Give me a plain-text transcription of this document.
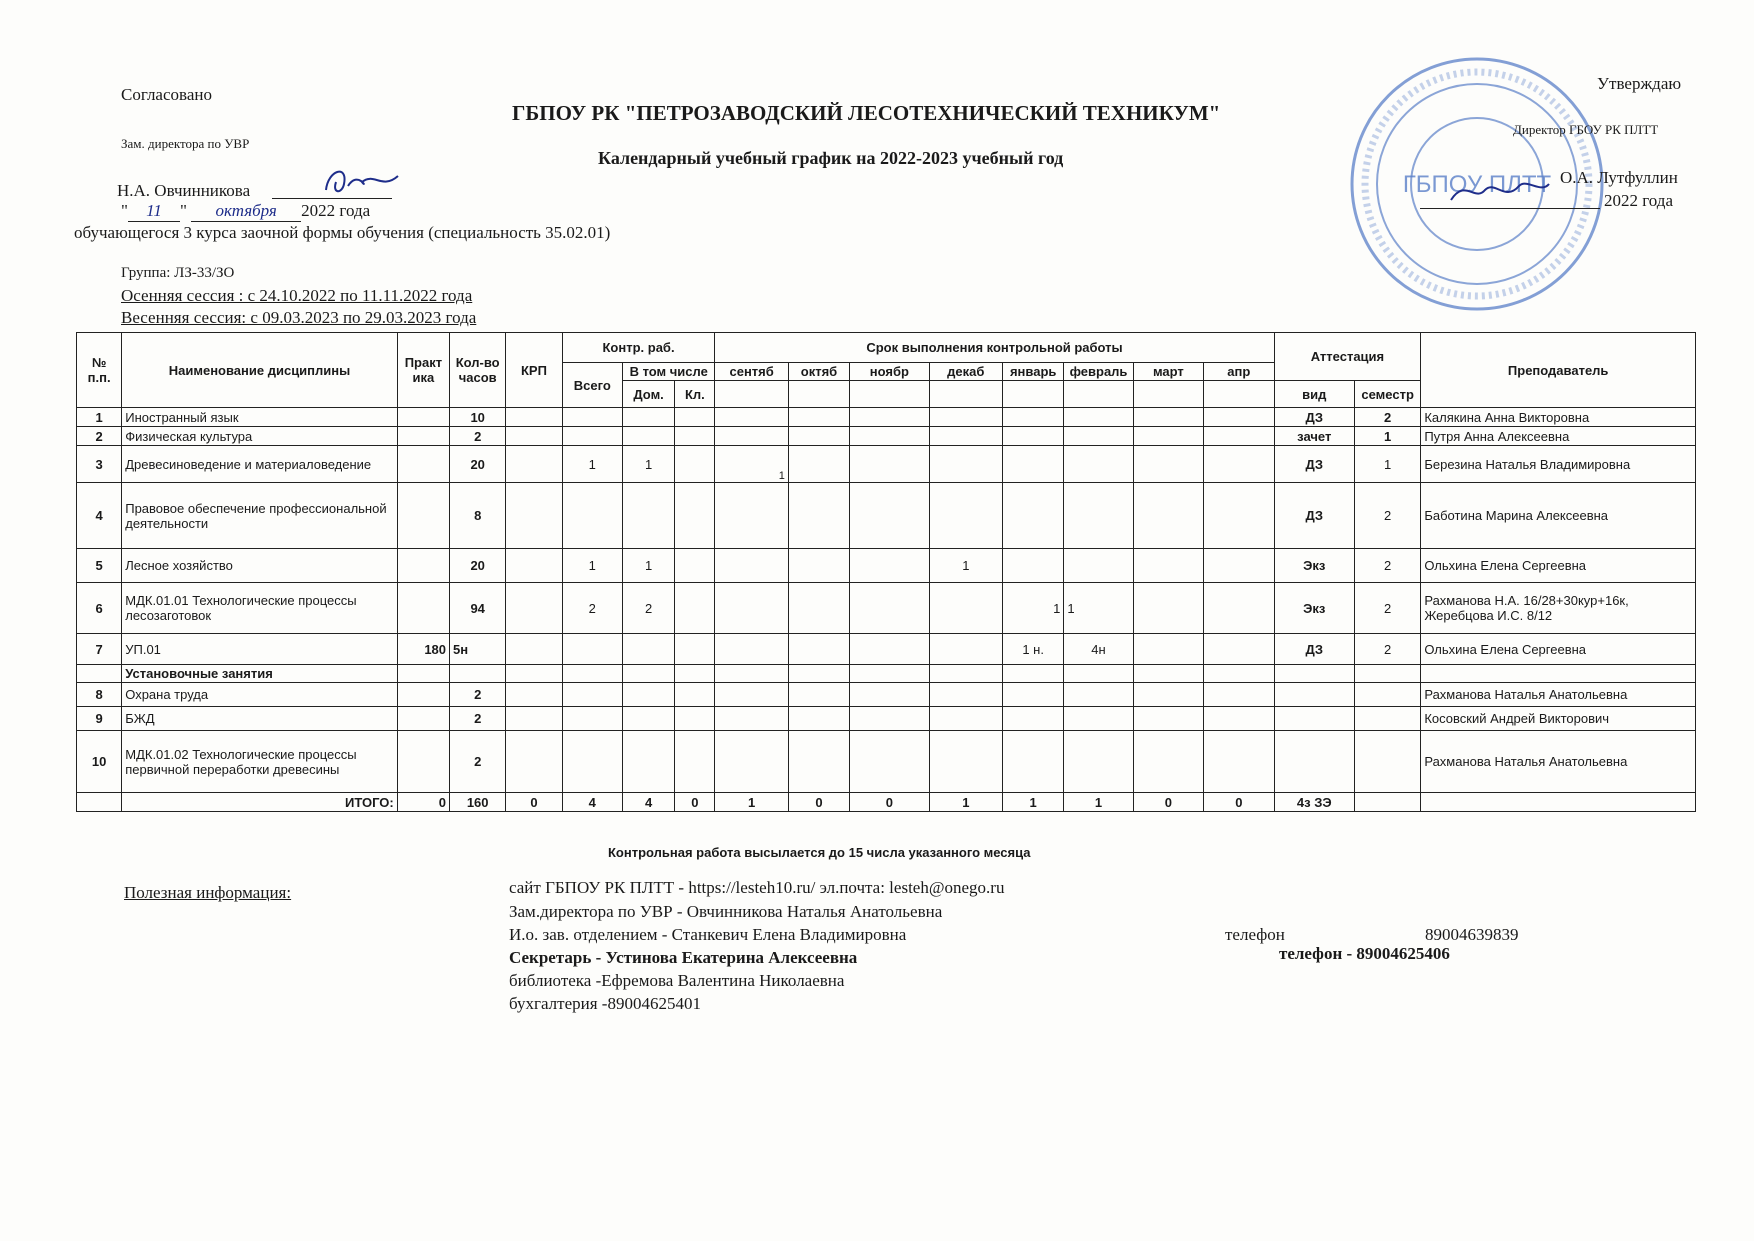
Согласовано
Зам. директора по УВР
Н.А. Овчинникова
" 11 " октября 2022 года
обучающегося 3 курса заочной формы обучения (специальность 35.02.01)
Группа: ЛЗ-33/ЗО
Осенняя сессия : с 24.10.2022 по 11.11.2022 года
Весенняя сессия: с 09.03.2023 по 29.03.2023 года
ГБПОУ РК "ПЕТРОЗАВОДСКИЙ ЛЕСОТЕХНИЧЕСКИЙ ТЕХНИКУМ"
Календарный учебный график на 2022-2023 учебный год
ГБПОУ ПЛТТ
Утверждаю
Директор ГБОУ РК ПЛТТ
О.А. Лутфуллин
2022 года
№ п.п.	Наименование дисциплины	Практ ика	Кол-во часов	КРП	Контр. раб.			Срок выполнения контрольной работы								Аттестация		Преподаватель
					Всего	В том числе		сентяб	октяб	ноябр	декаб	январь	февраль	март	апр			
						Дом.	Кл.									вид	семестр	
1	Иностранный язык		10													ДЗ	2	Калякина Анна Викторовна
2	Физическая культура		2													зачет	1	Путря Анна Алексеевна
3	Древесиноведение и материаловедение		20		1	1		1								ДЗ	1	Березина Наталья Владимировна
4	Правовое обеспечение профессиональной деятельности		8													ДЗ	2	Баботина Марина Алексеевна
5	Лесное хозяйство		20		1	1					1					Экз	2	Ольхина Елена Сергеевна
6	МДК.01.01 Технологические процессы лесозаготовок		94		2	2						1	1			Экз	2	Рахманова Н.А. 16/28+30кур+16к, Жеребцова И.С. 8/12
7	УП.01	180	5н									1 н.	4н			ДЗ	2	Ольхина Елена Сергеевна
	Установочные занятия																	
8	Охрана труда		2															Рахманова Наталья Анатольевна
9	БЖД		2															Косовский Андрей Викторович
10	МДК.01.02 Технологические процессы первичной переработки древесины		2															Рахманова Наталья Анатольевна
	ИТОГО:	0	160	0	4	4	0	1	0	0	1	1	1	0	0	4з ЗЭ		
Контрольная работа высылается до 15 числа указанного месяца
Полезная информация:	сайт ГБПОУ РК ПЛТТ - https://lesteh10.ru/ эл.почта: lesteh@onego.ru
Зам.директора по УВР - Овчинникова Наталья Анатольевна
И.о. зав. отделением - Станкевич Елена Владимировна	телефон	89004639839
Секретарь - Устинова Екатерина Алексеевна	телефон - 89004625406
библиотека -Ефремова Валентина Николаевна
бухгалтерия -89004625401
